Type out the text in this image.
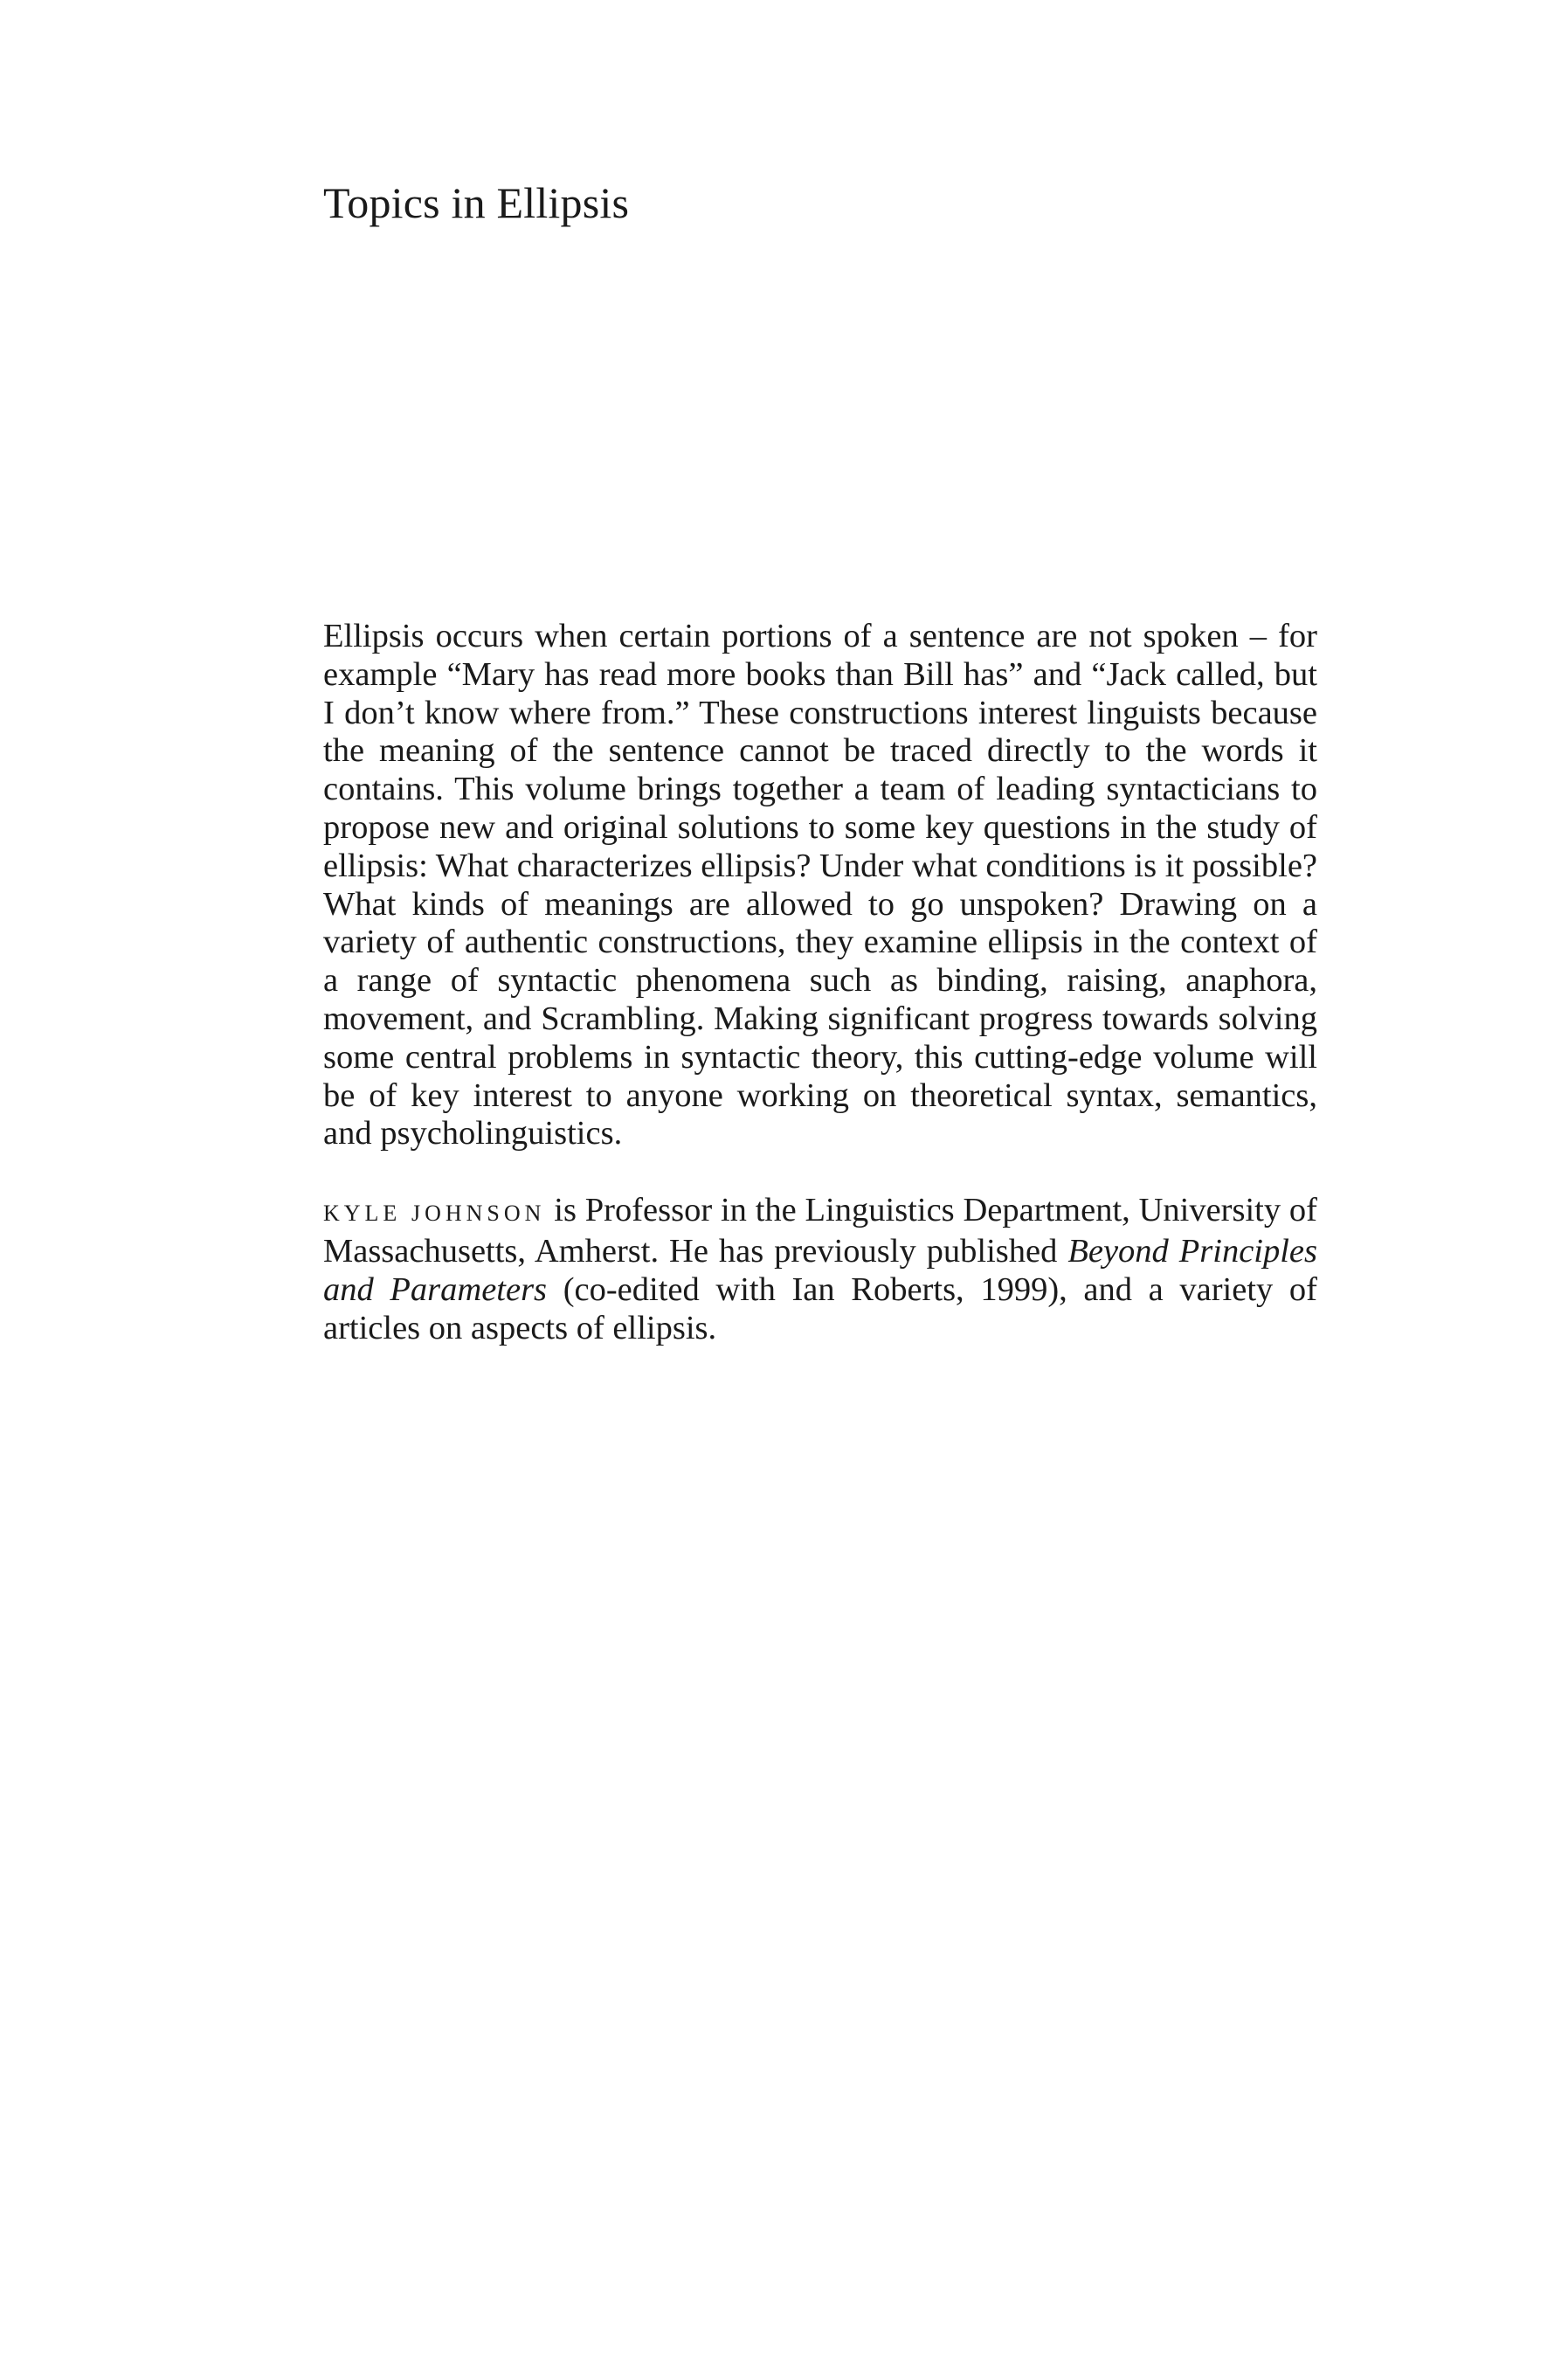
Topics in Ellipsis

Ellipsis occurs when certain portions of a sentence are not spoken – for example “Mary has read more books than Bill has” and “Jack called, but I don’t know where from.” These constructions interest linguists because the meaning of the sentence cannot be traced directly to the words it contains. This volume brings together a team of leading syntacticians to propose new and original solutions to some key questions in the study of ellipsis: What characterizes ellipsis? Under what conditions is it possible? What kinds of meanings are allowed to go unspoken? Drawing on a variety of authentic constructions, they examine ellipsis in the context of a range of syntactic phenomena such as binding, raising, anaphora, movement, and Scrambling. Making significant progress towards solving some central problems in syntactic theory, this cutting-edge volume will be of key interest to anyone working on theoretical syntax, semantics, and psycholinguistics.

KYLE JOHNSON is Professor in the Linguistics Department, University of Massachusetts, Amherst. He has previously published Beyond Principles and Parameters (co-edited with Ian Roberts, 1999), and a variety of articles on aspects of ellipsis.
